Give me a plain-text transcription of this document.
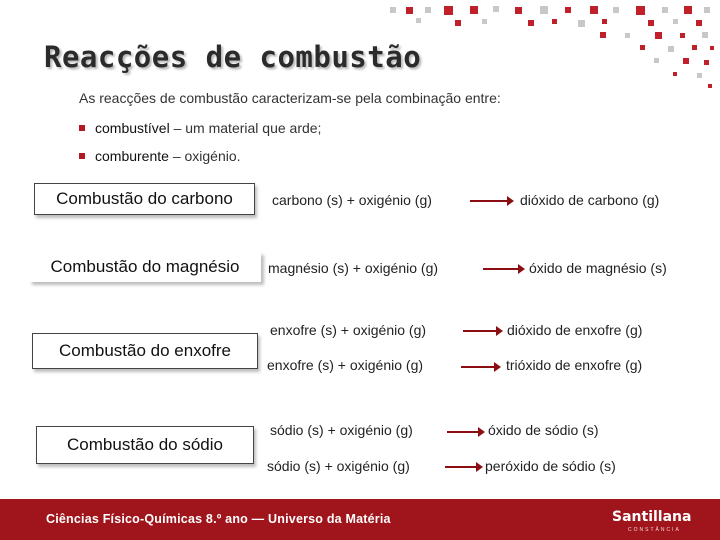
Reacções de combustão
As reacções de combustão caracterizam-se pela combinação entre:
combustível – um material que arde;
comburente – oxigénio.
Combustão do carbono	carbono (s) + oxigénio (g)	dióxido de carbono (g)
Combustão do magnésio	magnésio (s) + oxigénio (g)	óxido de magnésio (s)
Combustão do enxofre
enxofre (s) + oxigénio (g)	dióxido de enxofre (g)
enxofre (s) + oxigénio (g)	trióxido de enxofre (g)
Combustão do sódio
sódio (s) + oxigénio (g)	óxido de sódio (s)
sódio (s) + oxigénio (g)	peróxido de sódio (s)
Ciências Físico-Químicas 8.º ano — Universo da Matéria	Santillana
CONSTÂNCIA
